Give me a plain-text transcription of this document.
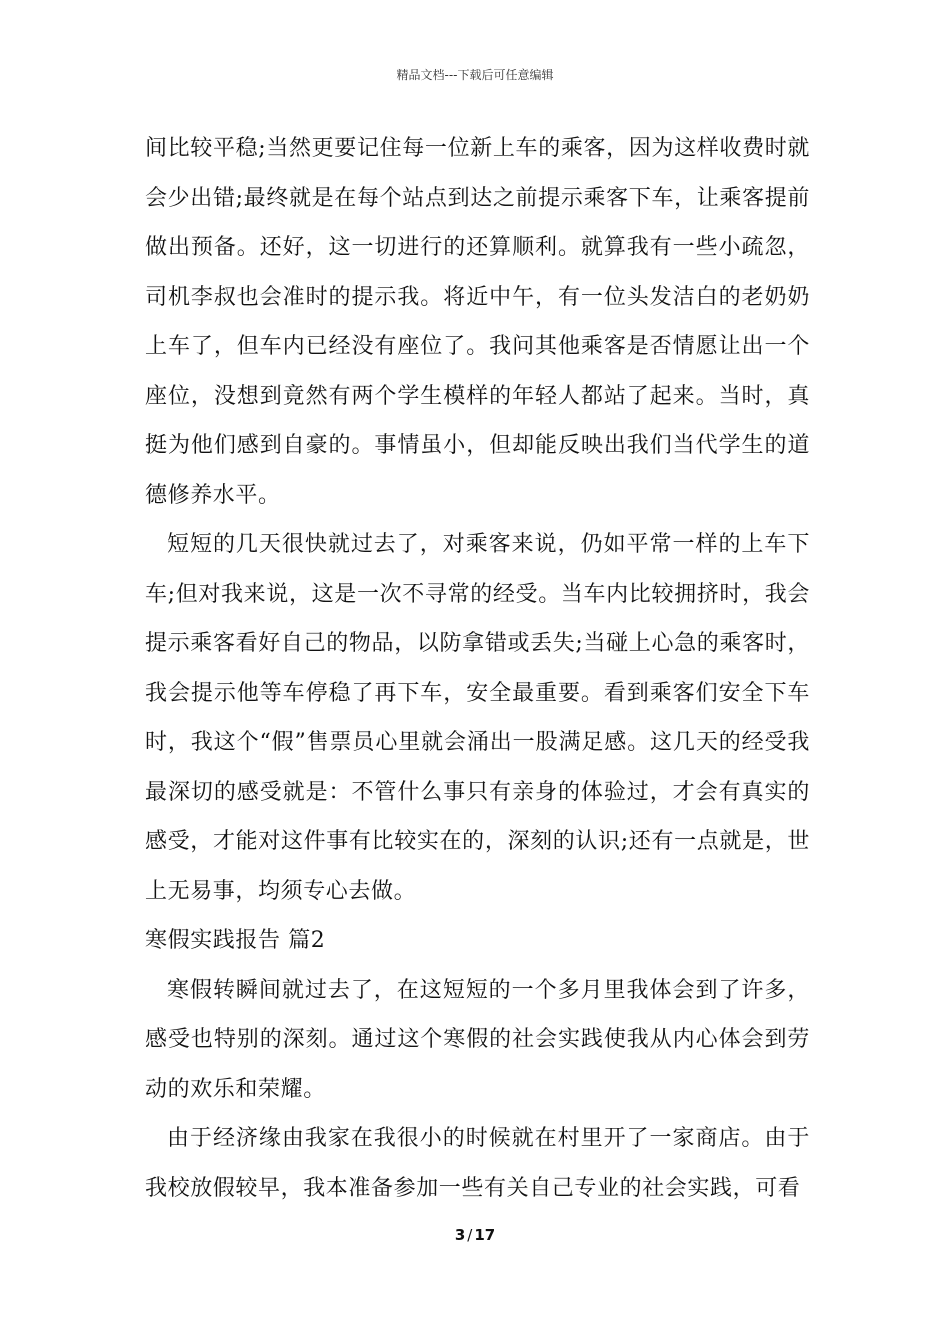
精品文档---下载后可任意编辑

间比较平稳;当然更要记住每一位新上车的乘客，因为这样收费时就会少出错;最终就是在每个站点到达之前提示乘客下车，让乘客提前做出预备。还好，这一切进行的还算顺利。就算我有一些小疏忽，司机李叔也会准时的提示我。将近中午，有一位头发洁白的老奶奶上车了，但车内已经没有座位了。我问其他乘客是否情愿让出一个座位，没想到竟然有两个学生模样的年轻人都站了起来。当时，真挺为他们感到自豪的。事情虽小，但却能反映出我们当代学生的道德修养水平。

短短的几天很快就过去了，对乘客来说，仍如平常一样的上车下车;但对我来说，这是一次不寻常的经受。当车内比较拥挤时，我会提示乘客看好自己的物品，以防拿错或丢失;当碰上心急的乘客时，我会提示他等车停稳了再下车，安全最重要。看到乘客们安全下车时，我这个“假”售票员心里就会涌出一股满足感。这几天的经受我最深切的感受就是：不管什么事只有亲身的体验过，才会有真实的感受，才能对这件事有比较实在的，深刻的认识;还有一点就是，世上无易事，均须专心去做。

寒假实践报告 篇2

寒假转瞬间就过去了，在这短短的一个多月里我体会到了许多，感受也特别的深刻。通过这个寒假的社会实践使我从内心体会到劳动的欢乐和荣耀。

由于经济缘由我家在我很小的时候就在村里开了一家商店。由于我校放假较早，我本准备参加一些有关自己专业的社会实践，可看

3 / 17
